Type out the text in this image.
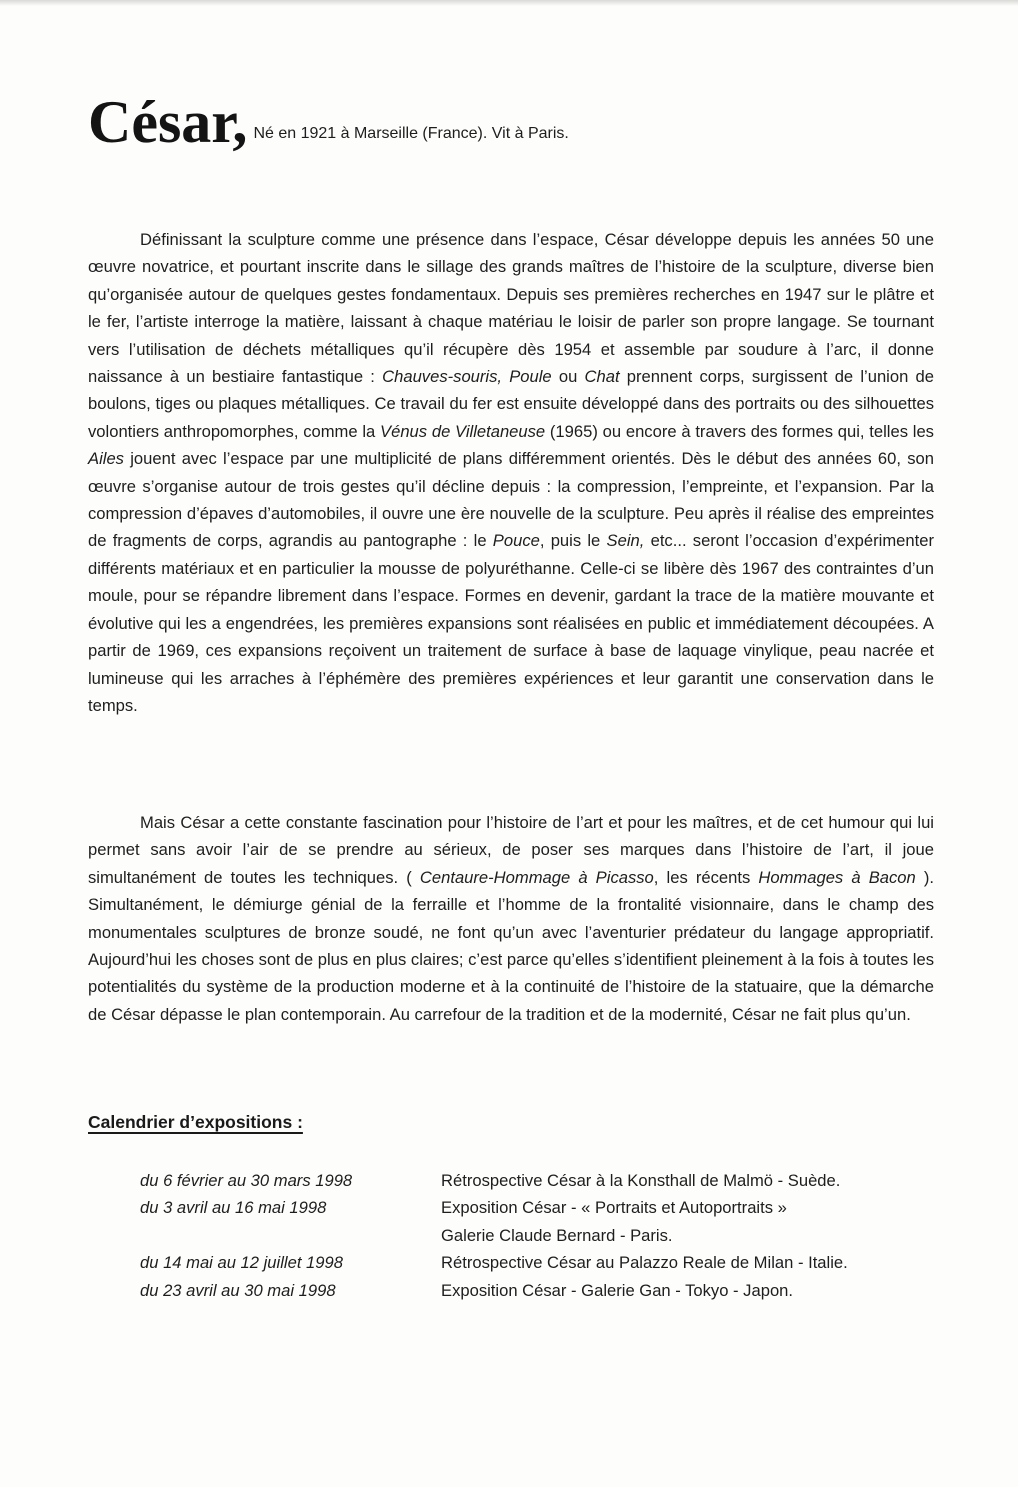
César, Né en 1921 à Marseille (France). Vit à Paris.

Définissant la sculpture comme une présence dans l’espace, César développe depuis les années 50 une œuvre novatrice, et pourtant inscrite dans le sillage des grands maîtres de l’histoire de la sculpture, diverse bien qu’organisée autour de quelques gestes fondamentaux. Depuis ses premières recherches en 1947 sur le plâtre et le fer, l’artiste interroge la matière, laissant à chaque matériau le loisir de parler son propre langage. Se tournant vers l’utilisation de déchets métalliques qu’il récupère dès 1954 et assemble par soudure à l’arc, il donne naissance à un bestiaire fantastique : Chauves-souris, Poule ou Chat prennent corps, surgissent de l’union de boulons, tiges ou plaques métalliques. Ce travail du fer est ensuite développé dans des portraits ou des silhouettes volontiers anthropomorphes, comme la Vénus de Villetaneuse (1965) ou encore à travers des formes qui, telles les Ailes jouent avec l’espace par une multiplicité de plans différemment orientés. Dès le début des années 60, son œuvre s’organise autour de trois gestes qu’il décline depuis : la compression, l’empreinte, et l’expansion. Par la compression d’épaves d’automobiles, il ouvre une ère nouvelle de la sculpture. Peu après il réalise des empreintes de fragments de corps, agrandis au pantographe : le Pouce, puis le Sein, etc... seront l’occasion d’expérimenter différents matériaux et en particulier la mousse de polyuréthanne. Celle-ci se libère dès 1967 des contraintes d’un moule, pour se répandre librement dans l’espace. Formes en devenir, gardant la trace de la matière mouvante et évolutive qui les a engendrées, les premières expansions sont réalisées en public et immédiatement découpées. A partir de 1969, ces expansions reçoivent un traitement de surface à base de laquage vinylique, peau nacrée et lumineuse qui les arraches à l’éphémère des premières expériences et leur garantit une conservation dans le temps.

Mais César a cette constante fascination pour l’histoire de l’art et pour les maîtres, et de cet humour qui lui permet sans avoir l’air de se prendre au sérieux, de poser ses marques dans l’histoire de l’art, il joue simultanément de toutes les techniques. ( Centaure-Hommage à Picasso, les récents Hommages à Bacon ). Simultanément, le démiurge génial de la ferraille et l’homme de la frontalité visionnaire, dans le champ des monumentales sculptures de bronze soudé, ne font qu’un avec l’aventurier prédateur du langage appropriatif. Aujourd’hui les choses sont de plus en plus claires; c’est parce qu’elles s’identifient pleinement à la fois à toutes les potentialités du système de la production moderne et à la continuité de l’histoire de la statuaire, que la démarche de César dépasse le plan contemporain. Au carrefour de la tradition et de la modernité, César ne fait plus qu’un.

Calendrier d’expositions :
du 6 février au 30 mars 1998	Rétrospective César à la Konsthall de Malmö - Suède.
du 3 avril au 16 mai 1998	Exposition César - « Portraits et Autoportraits »
Galerie Claude Bernard - Paris.
du 14 mai au 12 juillet 1998	Rétrospective César au Palazzo Reale de Milan - Italie.
du 23 avril au 30 mai 1998	Exposition César - Galerie Gan - Tokyo - Japon.
